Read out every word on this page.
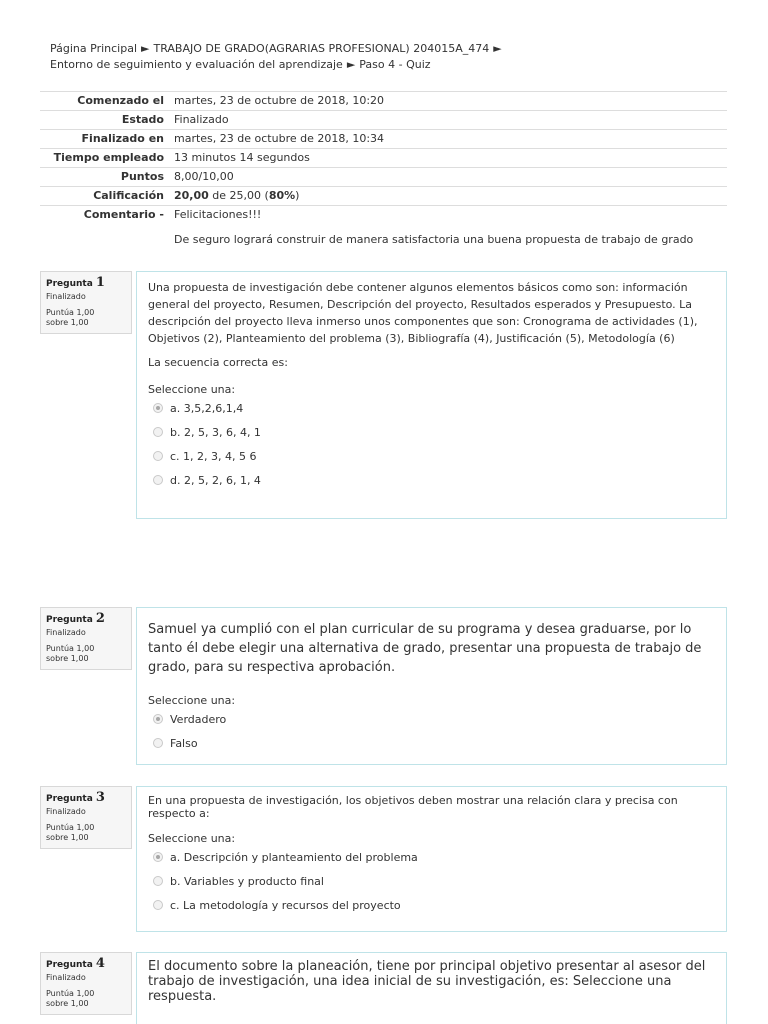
Página Principal ► TRABAJO DE GRADO(AGRARIAS PROFESIONAL) 204015A_474 ►
Entorno de seguimiento y evaluación del aprendizaje ► Paso 4 - Quiz
Comenzado el martes, 23 de octubre de 2018, 10:20
Estado Finalizado
Finalizado en martes, 23 de octubre de 2018, 10:34
Tiempo empleado 13 minutos 14 segundos
Puntos 8,00/10,00
Calificación 20,00 de 25,00 (80%)
Comentario - Felicitaciones!!!
De seguro logrará construir de manera satisfactoria una buena propuesta de trabajo de grado
Pregunta 1
Finalizado
Puntúa 1,00
sobre 1,00
Una propuesta de investigación debe contener algunos elementos básicos como son: información general del proyecto, Resumen, Descripción del proyecto, Resultados esperados y Presupuesto. La descripción del proyecto lleva inmerso unos componentes que son: Cronograma de actividades (1), Objetivos (2), Planteamiento del problema (3), Bibliografía (4), Justificación (5), Metodología (6)
La secuencia correcta es:
Seleccione una:
a. 3,5,2,6,1,4
b. 2, 5, 3, 6, 4, 1
c. 1, 2, 3, 4, 5 6
d. 2, 5, 2, 6, 1, 4
Pregunta 2
Finalizado
Puntúa 1,00
sobre 1,00
Samuel ya cumplió con el plan curricular de su programa y desea graduarse, por lo tanto él debe elegir una alternativa de grado, presentar una propuesta de trabajo de grado, para su respectiva aprobación.
Seleccione una:
Verdadero
Falso
Pregunta 3
Finalizado
Puntúa 1,00
sobre 1,00
En una propuesta de investigación, los objetivos deben mostrar una relación clara y precisa con respecto a:
Seleccione una:
a. Descripción y planteamiento del problema
b. Variables y producto final
c. La metodología y recursos del proyecto
Pregunta 4
Finalizado
Puntúa 1,00
sobre 1,00
El documento sobre la planeación, tiene por principal objetivo presentar al asesor del trabajo de investigación, una idea inicial de su investigación, es: Seleccione una respuesta.
